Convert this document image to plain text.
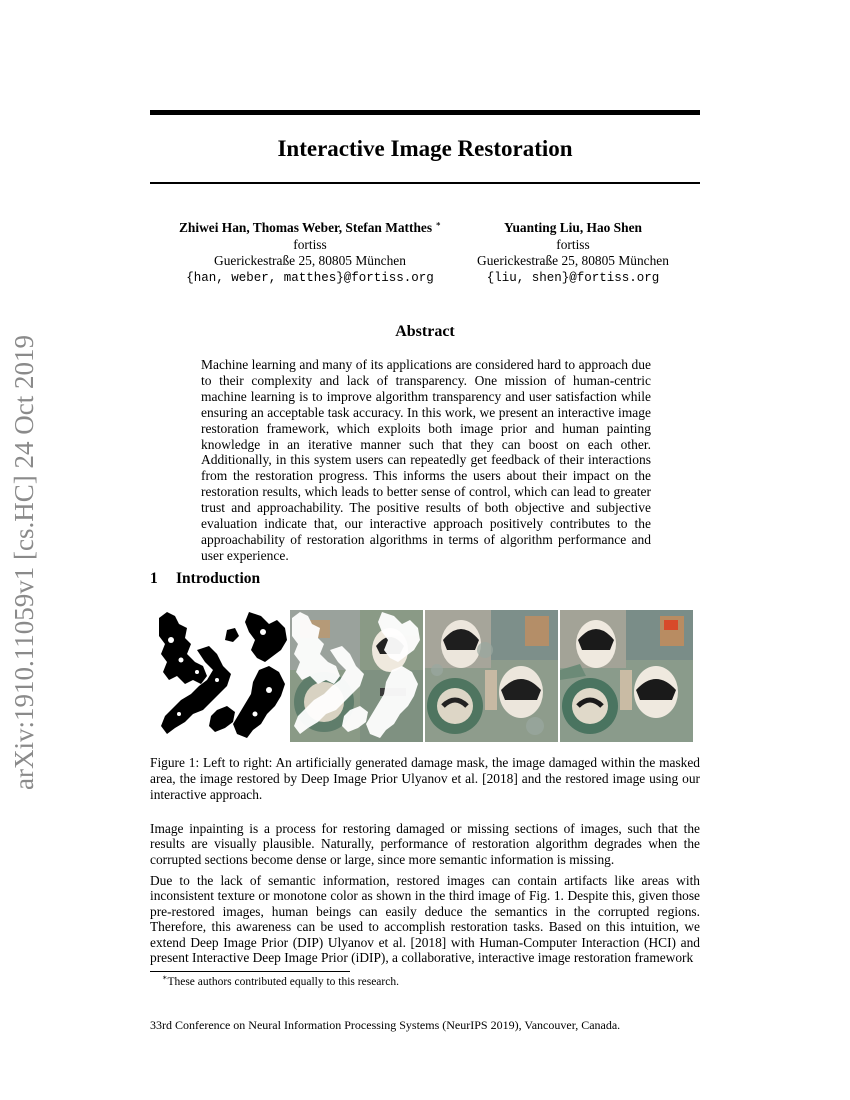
arXiv:1910.11059v1 [cs.HC] 24 Oct 2019
Interactive Image Restoration
Zhiwei Han, Thomas Weber, Stefan Matthes ∗
fortiss
Guerickestraße 25, 80805 München
{han, weber, matthes}@fortiss.org
Yuanting Liu, Hao Shen
fortiss
Guerickestraße 25, 80805 München
{liu, shen}@fortiss.org
Abstract
Machine learning and many of its applications are considered hard to approach due to their complexity and lack of transparency. One mission of human-centric machine learning is to improve algorithm transparency and user satisfaction while ensuring an acceptable task accuracy. In this work, we present an interactive image restoration framework, which exploits both image prior and human painting knowledge in an iterative manner such that they can boost on each other. Additionally, in this system users can repeatedly get feedback of their interactions from the restoration progress. This informs the users about their impact on the restoration results, which leads to better sense of control, which can lead to greater trust and approachability. The positive results of both objective and subjective evaluation indicate that, our interactive approach positively contributes to the approachability of restoration algorithms in terms of algorithm performance and user experience.
1 Introduction
Figure 1: Left to right: An artificially generated damage mask, the image damaged within the masked area, the image restored by Deep Image Prior Ulyanov et al. [2018] and the restored image using our interactive approach.
Image inpainting is a process for restoring damaged or missing sections of images, such that the results are visually plausible. Naturally, performance of restoration algorithm degrades when the corrupted sections become dense or large, since more semantic information is missing.
Due to the lack of semantic information, restored images can contain artifacts like areas with inconsistent texture or monotone color as shown in the third image of Fig. 1. Despite this, given those pre-restored images, human beings can easily deduce the semantics in the corrupted regions. Therefore, this awareness can be used to accomplish restoration tasks. Based on this intuition, we extend Deep Image Prior (DIP) Ulyanov et al. [2018] with Human-Computer Interaction (HCI) and present Interactive Deep Image Prior (iDIP), a collaborative, interactive image restoration framework
∗These authors contributed equally to this research.
33rd Conference on Neural Information Processing Systems (NeurIPS 2019), Vancouver, Canada.
